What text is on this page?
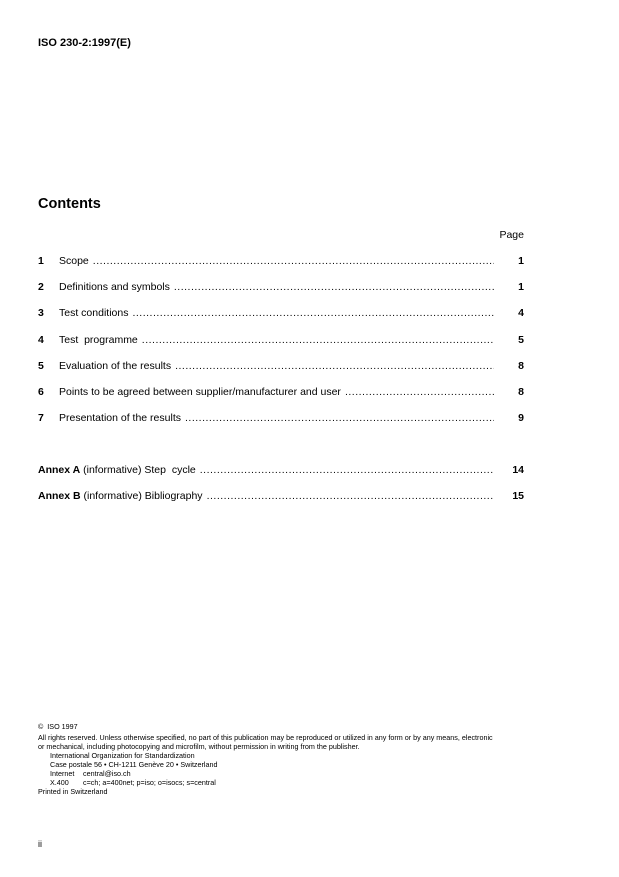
ISO 230-2:1997(E)
Contents
Page
1	Scope .....	1
2	Definitions and symbols .....	1
3	Test conditions .....	4
4	Test  programme .....	5
5	Evaluation of the results .....	8
6	Points to be agreed between supplier/manufacturer and user .....	8
7	Presentation of the results .....	9
Annex A (informative) Step  cycle .....	14
Annex B (informative) Bibliography .....	15
©  ISO 1997
All rights reserved. Unless otherwise specified, no part of this publication may be reproduced or utilized in any form or by any means, electronic
or mechanical, including photocopying and microfilm, without permission in writing from the publisher.
International Organization for Standardization
Case postale 56 • CH-1211 Genève 20 • Switzerland
Internet central@iso.ch
X.400 c=ch; a=400net; p=iso; o=isocs; s=central
Printed in Switzerland
ii
